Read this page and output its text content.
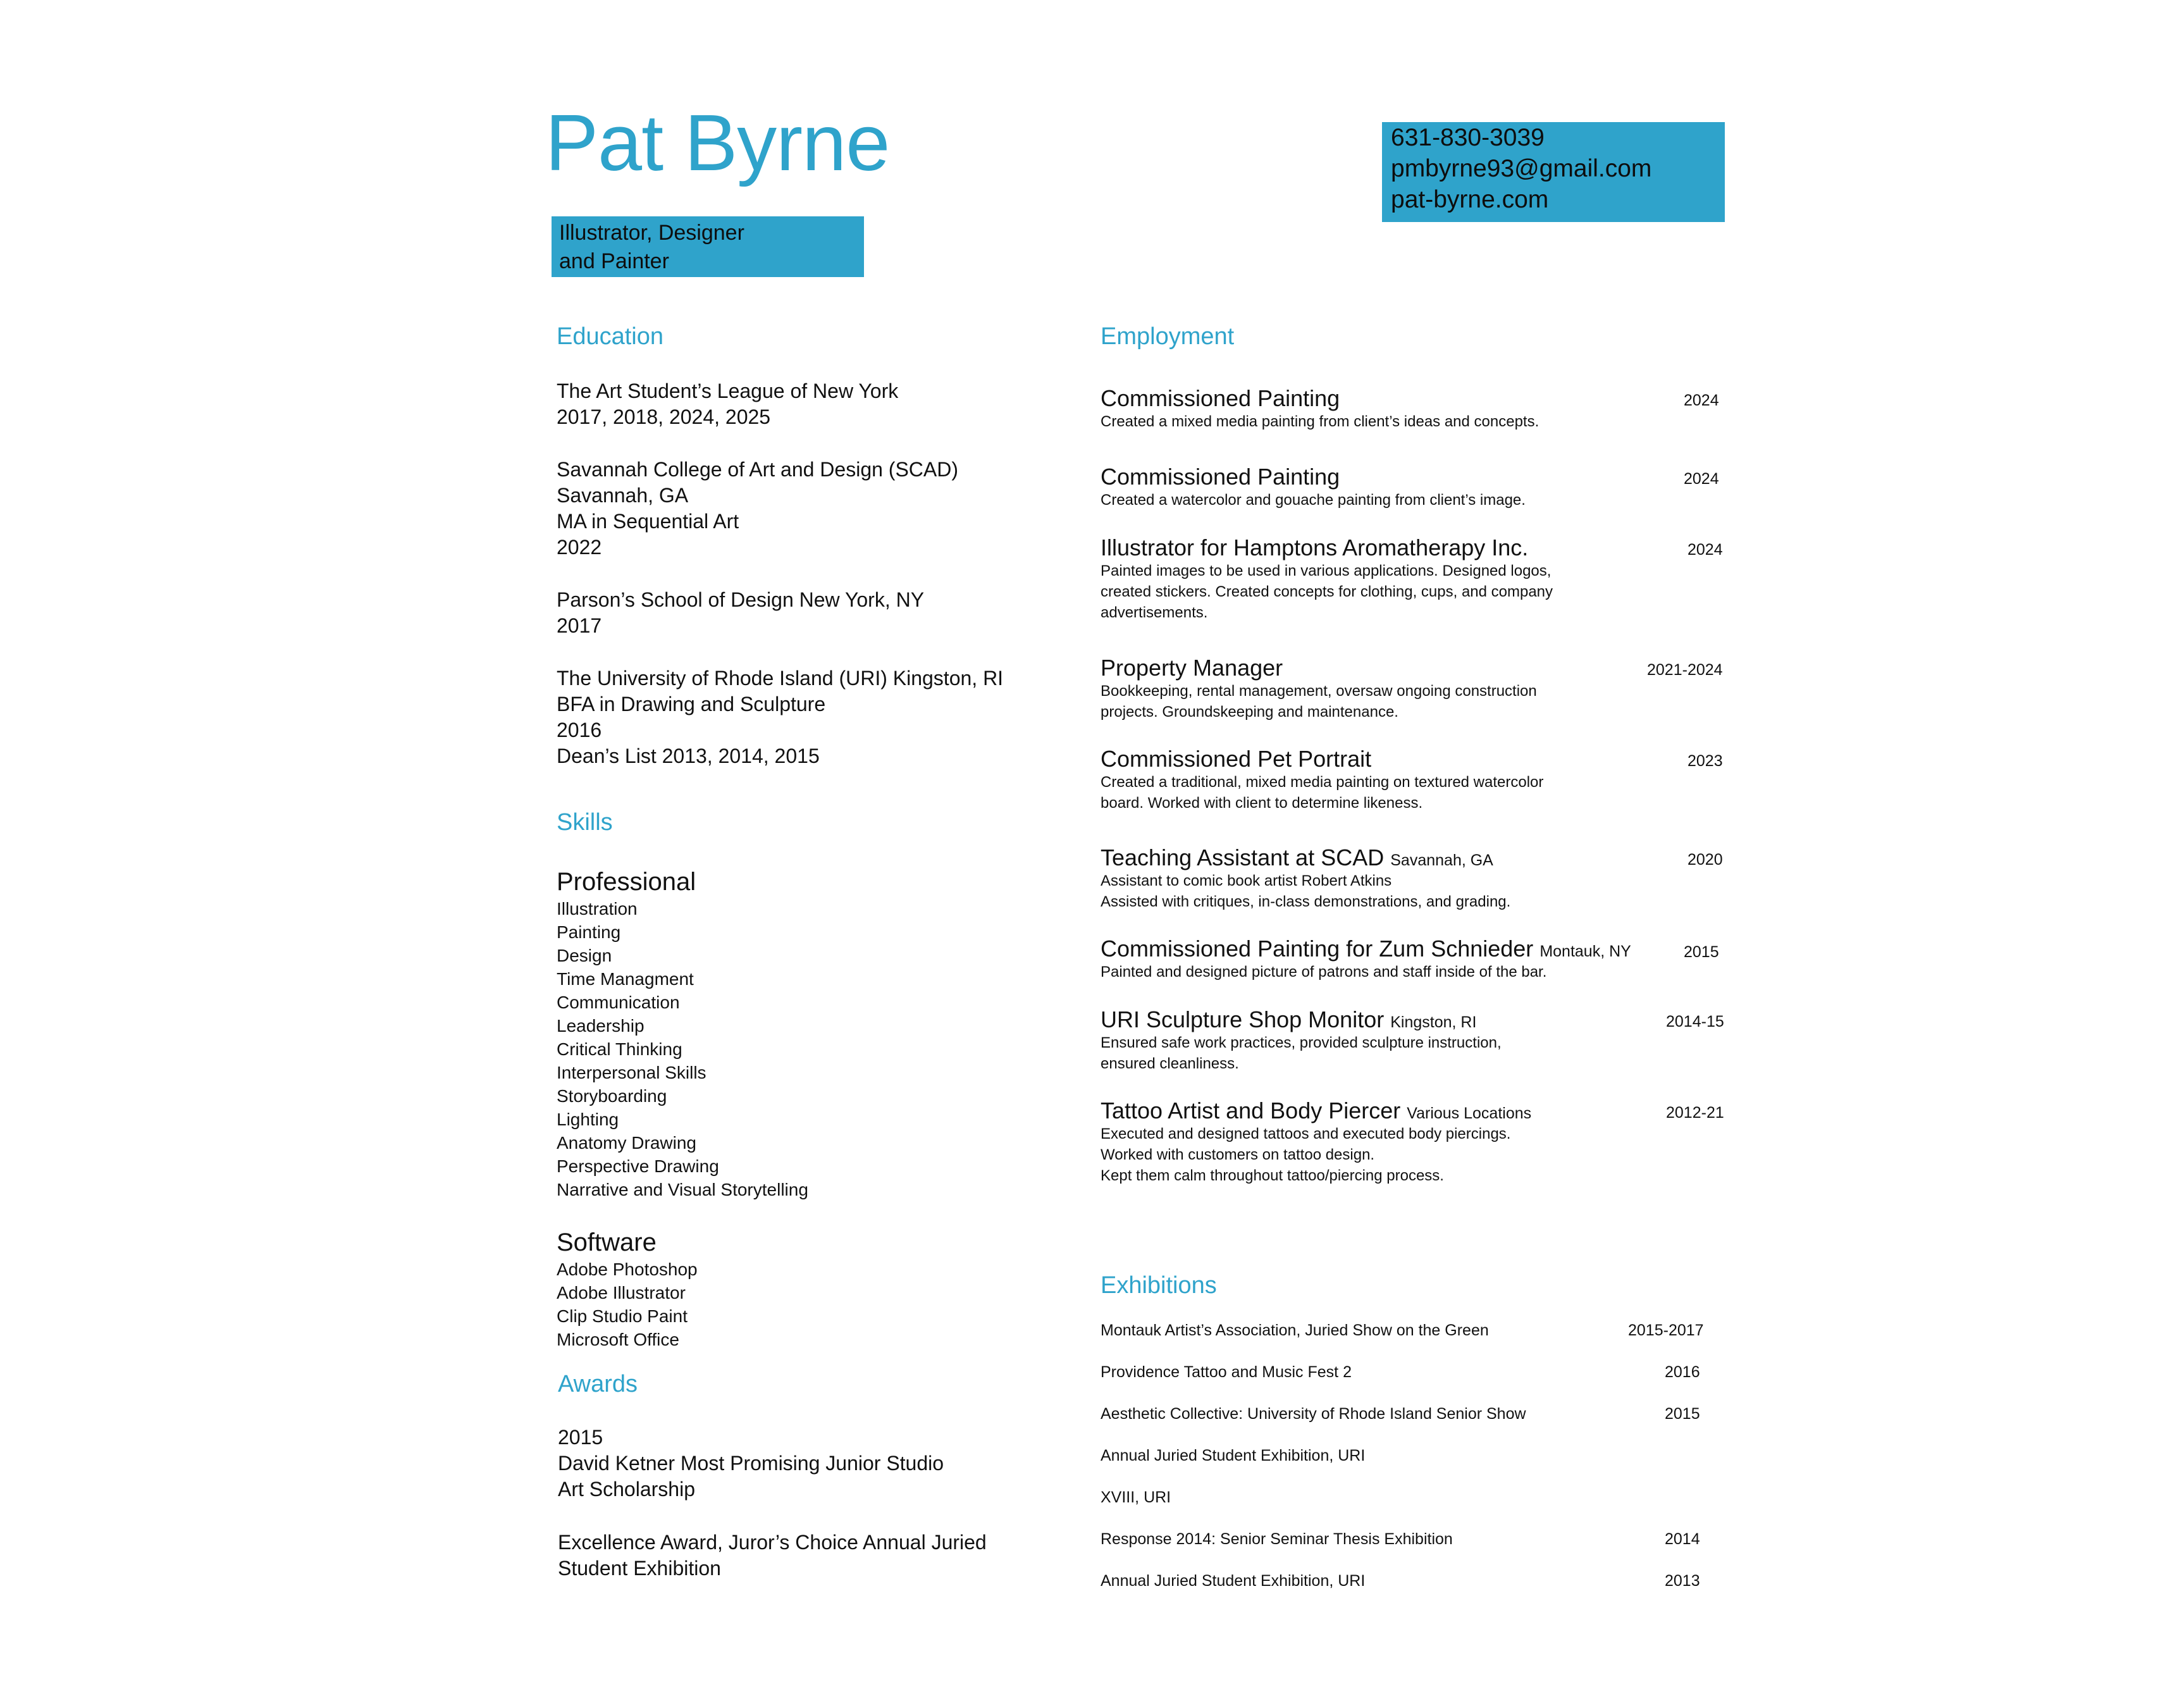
Pat Byrne
Illustrator, Designer
and Painter
631-830-3039
pmbyrne93@gmail.com
pat-byrne.com
Education
The Art Student’s League of New York
2017, 2018, 2024, 2025
Savannah College of Art and Design (SCAD)
Savannah, GA
MA in Sequential Art
2022
Parson’s School of Design New York, NY
2017
The University of Rhode Island (URI) Kingston, RI
BFA in Drawing and Sculpture
2016
Dean’s List 2013, 2014, 2015
Skills
Professional
Illustration
Painting
Design
Time Managment
Communication
Leadership
Critical Thinking
Interpersonal Skills
Storyboarding
Lighting
Anatomy Drawing
Perspective Drawing
Narrative and Visual Storytelling
Software
Adobe Photoshop
Adobe Illustrator
Clip Studio Paint
Microsoft Office
Awards
2015
David Ketner Most Promising Junior Studio
Art Scholarship
Excellence Award, Juror’s Choice Annual Juried
Student Exhibition
Employment
Commissioned Painting	2024
Created a mixed media painting from client’s ideas and concepts.
Commissioned Painting	2024
Created a watercolor and gouache painting from client’s image.
Illustrator for Hamptons Aromatherapy Inc.	2024
Painted images to be used in various applications. Designed logos,
created stickers. Created concepts for clothing, cups, and company
advertisements.
Property Manager	2021-2024
Bookkeeping, rental management, oversaw ongoing construction
projects. Groundskeeping and maintenance.
Commissioned Pet Portrait	2023
Created a traditional, mixed media painting on textured watercolor
board. Worked with client to determine likeness.
Teaching Assistant at SCAD Savannah, GA	2020
Assistant to comic book artist Robert Atkins
Assisted with critiques, in-class demonstrations, and grading.
Commissioned Painting for Zum Schnieder Montauk, NY	2015
Painted and designed picture of patrons and staff inside of the bar.
URI Sculpture Shop Monitor Kingston, RI	2014-15
Ensured safe work practices, provided sculpture instruction,
ensured cleanliness.
Tattoo Artist and Body Piercer Various Locations	2012-21
Executed and designed tattoos and executed body piercings.
Worked with customers on tattoo design.
Kept them calm throughout tattoo/piercing process.
Exhibitions
Montauk Artist’s Association, Juried Show on the Green	2015-2017
Providence Tattoo and Music Fest 2	2016
Aesthetic Collective: University of Rhode Island Senior Show	2015
Annual Juried Student Exhibition, URI
XVIII, URI
Response 2014: Senior Seminar Thesis Exhibition	2014
Annual Juried Student Exhibition, URI	2013
